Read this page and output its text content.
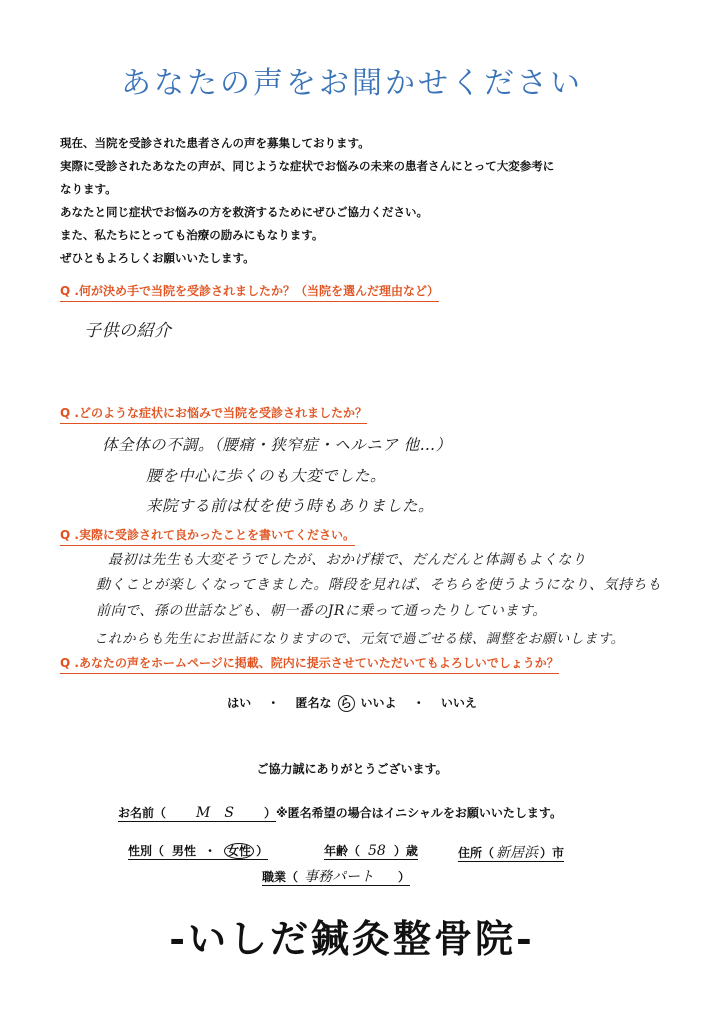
あなたの声をお聞かせください
現在、当院を受診された患者さんの声を募集しております。
実際に受診されたあなたの声が、同じような症状でお悩みの未来の患者さんにとって大変参考に
なります。
あなたと同じ症状でお悩みの方を救済するためにぜひご協力ください。
また、私たちにとっても治療の励みにもなります。
ぜひともよろしくお願いいたします。
Q .何が決め手で当院を受診されましたか？（当院を選んだ理由など）
子供の紹介
Q .どのような症状にお悩みで当院を受診されましたか？
体全体の不調。（腰痛・狭窄症・ヘルニア 他…）
腰を中心に歩くのも大変でした。
来院する前は杖を使う時もありました。
Q .実際に受診されて良かったことを書いてください。
最初は先生も大変そうでしたが、おかげ様で、だんだんと体調もよくなり
動くことが楽しくなってきました。階段を見れば、そちらを使うようになり、気持ちも
前向で、孫の世話なども、朝一番のJRに乗って通ったりしています。
これからも先生にお世話になりますので、元気で過ごせる様、調整をお願いします。
Q .あなたの声をホームページに掲載、院内に提示させていただいてもよろしいでしょうか？
はい ・ 匿名な ら いいよ ・ いいえ
ご協力誠にありがとうございます。
お名前（ M　S	）※匿名希望の場合はイニシャルをお願いいたします。
性別（ 男性 ・ 女性 ）	年齢（ 58 ）歳	住所（ 新居浜 ）市
職業（ 事務パート ）
-いしだ鍼灸整骨院-
